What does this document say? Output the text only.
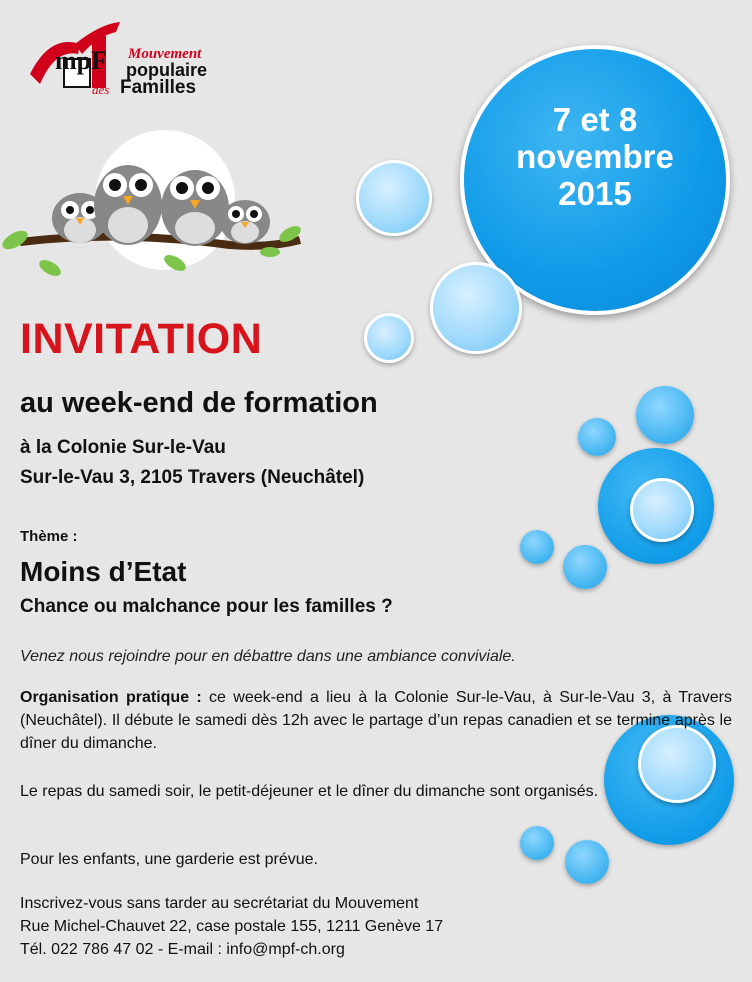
mpF Mouvement
populaire
des Familles
7 et 8
novembre
2015
INVITATION
au week-end de formation
à la Colonie Sur-le-Vau
Sur-le-Vau 3, 2105 Travers (Neuchâtel)
Thème :
Moins d’Etat
Chance ou malchance pour les familles ?
Venez nous rejoindre pour en débattre dans une ambiance conviviale.
Organisation pratique : ce week-end a lieu à la Colonie Sur-le-Vau, à Sur-le-Vau 3, à Travers (Neuchâtel). Il débute le samedi dès 12h avec le partage d’un repas canadien et se termine après le dîner du dimanche.
Le repas du samedi soir, le petit-déjeuner et le dîner du dimanche sont organisés.
Pour les enfants, une garderie est prévue.
Inscrivez-vous sans tarder au secrétariat du Mouvement
Rue Michel-Chauvet 22, case postale 155, 1211 Genève 17
Tél. 022 786 47 02 - E-mail : info@mpf-ch.org
